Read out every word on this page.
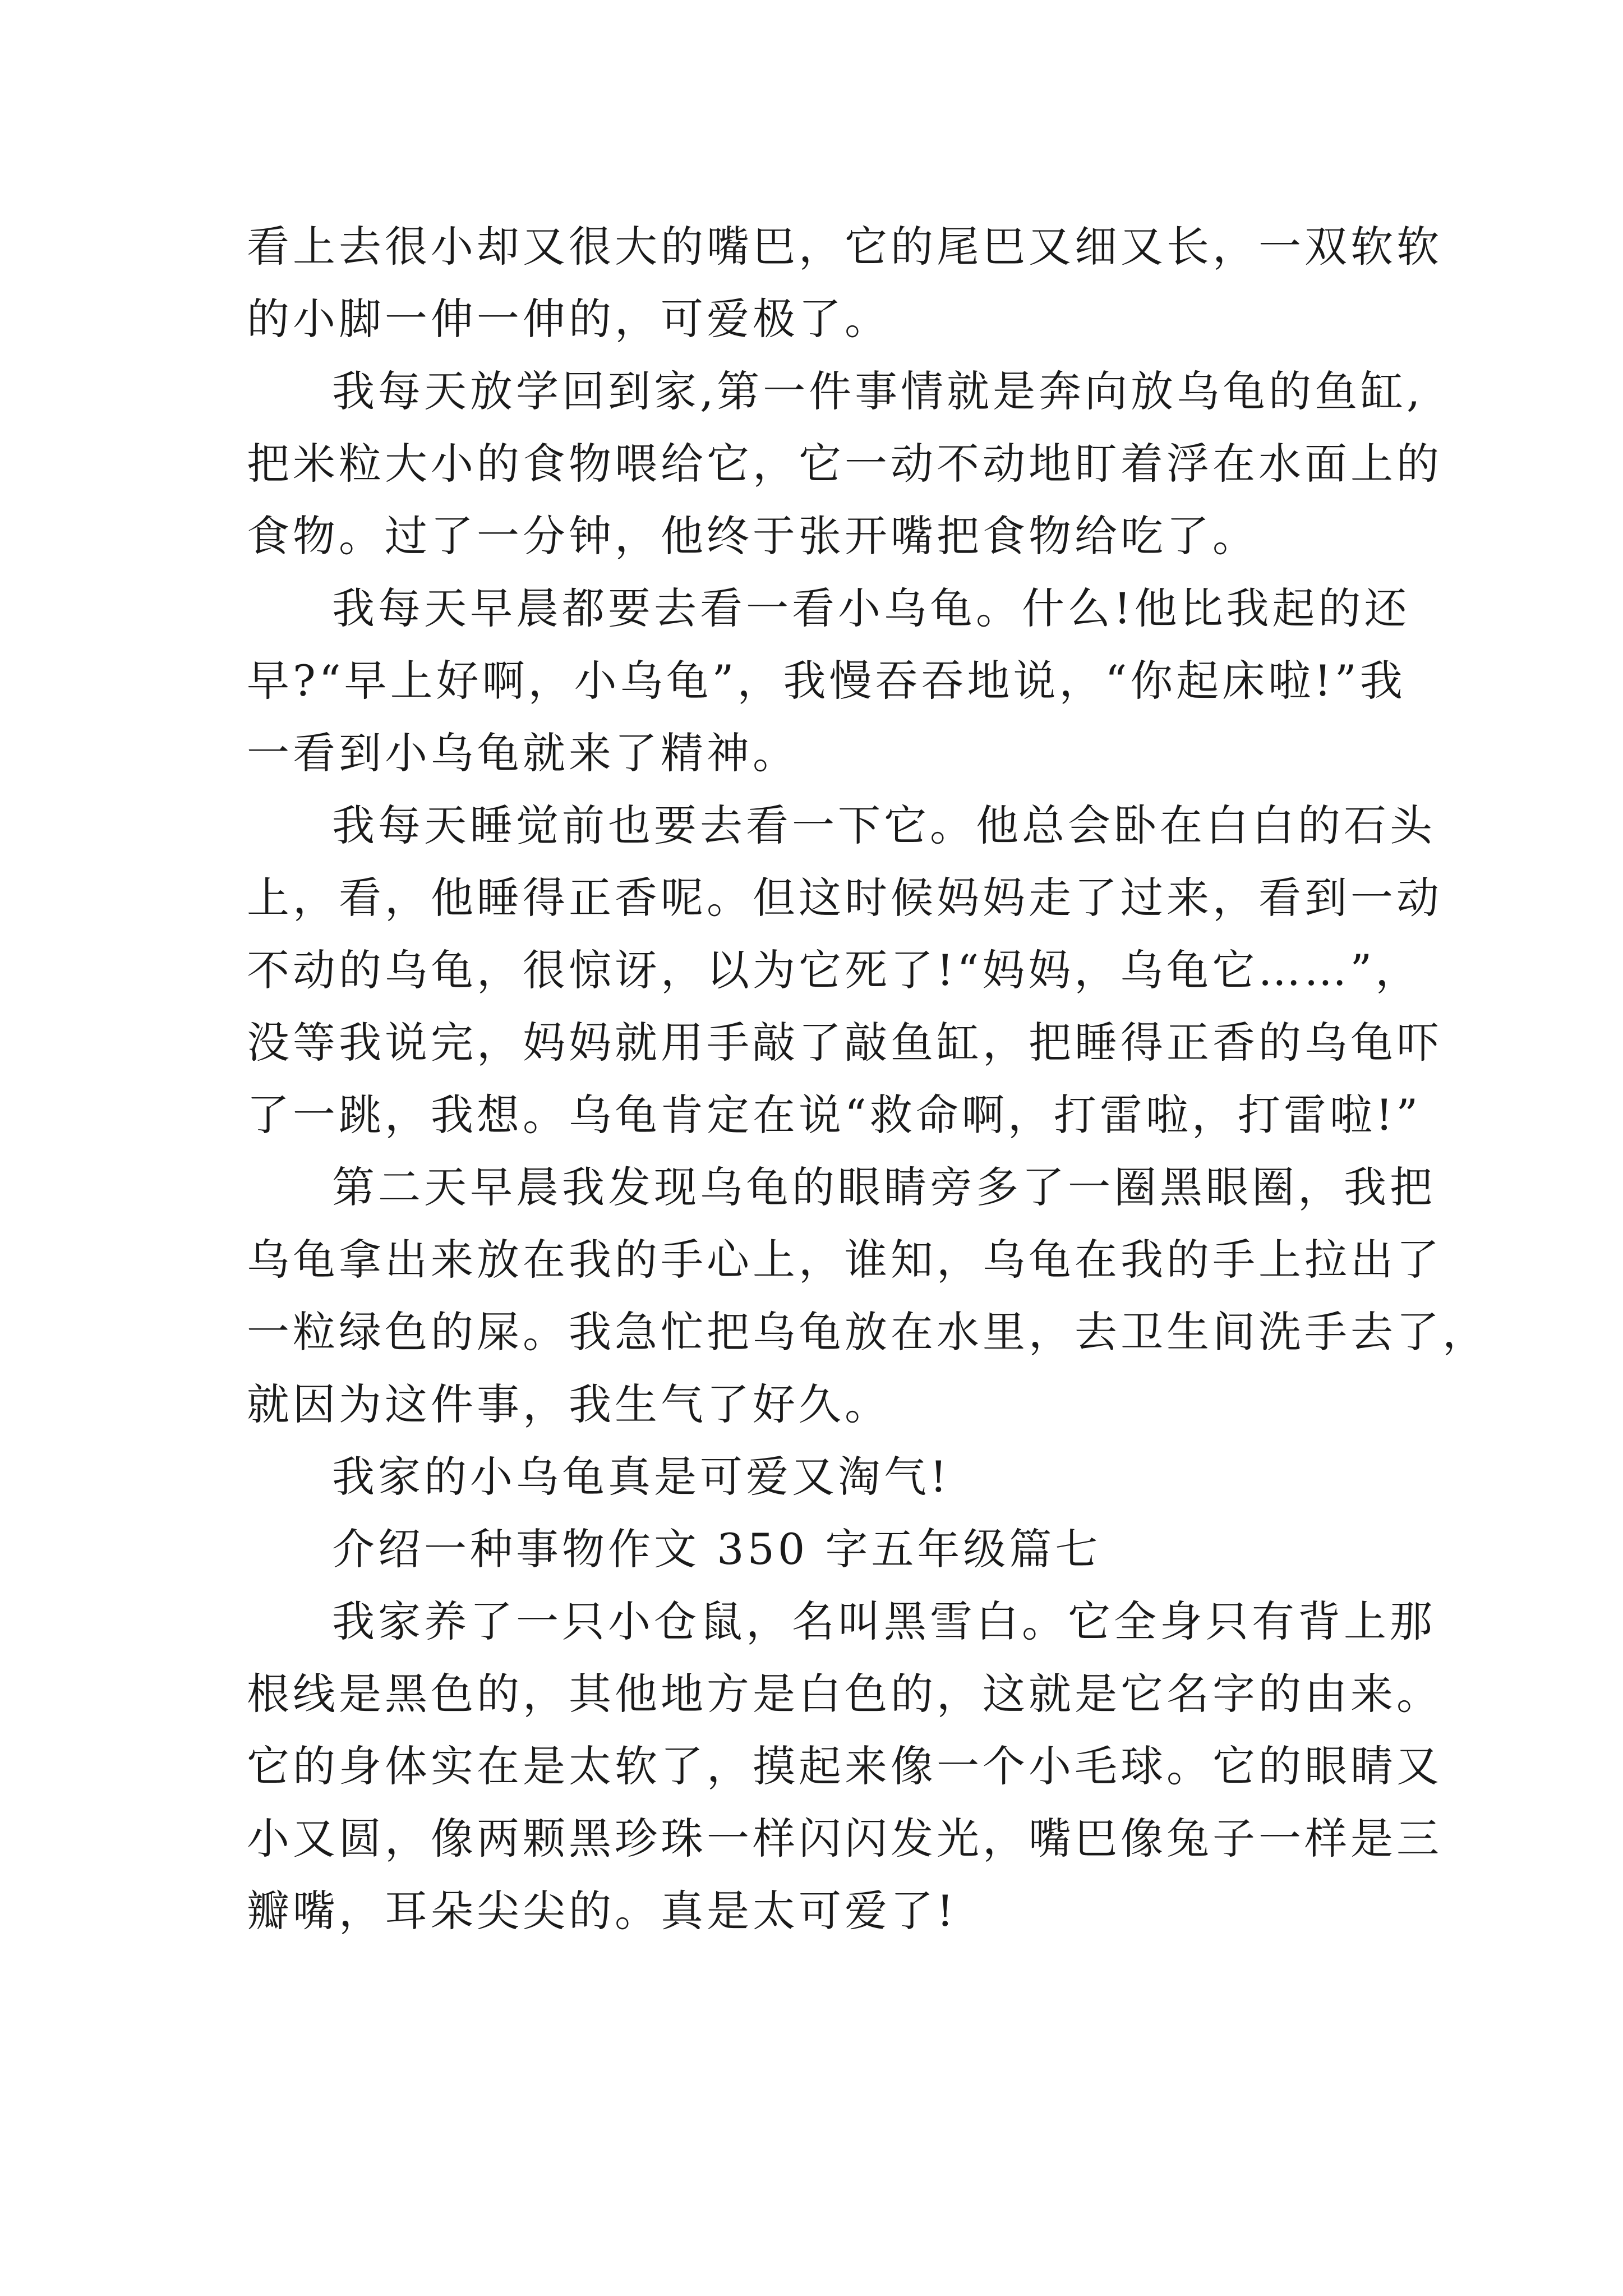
看上去很小却又很大的嘴巴，它的尾巴又细又长，一双软软
的小脚一伸一伸的，可爱极了。
我每天放学回到家,第一件事情就是奔向放乌龟的鱼缸,
把米粒大小的食物喂给它，它一动不动地盯着浮在水面上的
食物。过了一分钟，他终于张开嘴把食物给吃了。
我每天早晨都要去看一看小乌龟。什么!他比我起的还
早?“早上好啊，小乌龟”，我慢吞吞地说，“你起床啦!”我
一看到小乌龟就来了精神。
我每天睡觉前也要去看一下它。他总会卧在白白的石头
上，看，他睡得正香呢。但这时候妈妈走了过来，看到一动
不动的乌龟，很惊讶，以为它死了!“妈妈，乌龟它……”，
没等我说完，妈妈就用手敲了敲鱼缸，把睡得正香的乌龟吓
了一跳，我想。乌龟肯定在说“救命啊，打雷啦，打雷啦!”
第二天早晨我发现乌龟的眼睛旁多了一圈黑眼圈，我把
乌龟拿出来放在我的手心上，谁知，乌龟在我的手上拉出了
一粒绿色的屎。我急忙把乌龟放在水里，去卫生间洗手去了，
就因为这件事，我生气了好久。
我家的小乌龟真是可爱又淘气!
介绍一种事物作文 350 字五年级篇七
我家养了一只小仓鼠，名叫黑雪白。它全身只有背上那
根线是黑色的，其他地方是白色的，这就是它名字的由来。
它的身体实在是太软了，摸起来像一个小毛球。它的眼睛又
小又圆，像两颗黑珍珠一样闪闪发光，嘴巴像兔子一样是三
瓣嘴，耳朵尖尖的。真是太可爱了!
